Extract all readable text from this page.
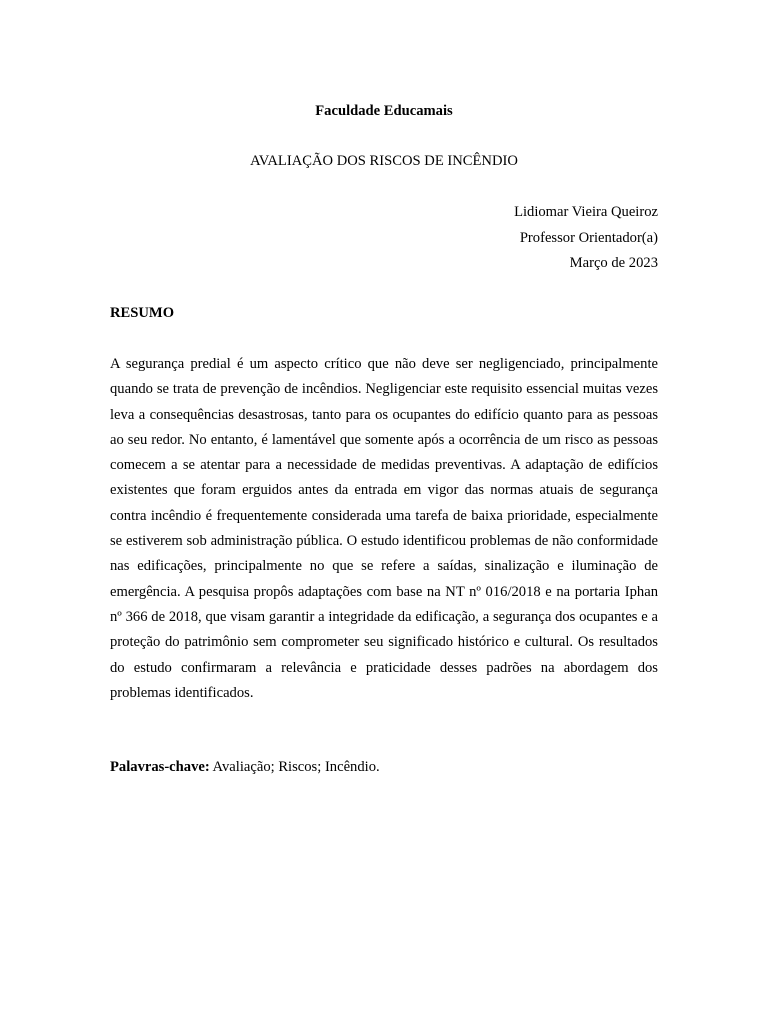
Faculdade Educamais
AVALIAÇÃO DOS RISCOS DE INCÊNDIO
Lidiomar Vieira Queiroz
Professor Orientador(a)
Março de 2023
RESUMO
A segurança predial é um aspecto crítico que não deve ser negligenciado, principalmente quando se trata de prevenção de incêndios. Negligenciar este requisito essencial muitas vezes leva a consequências desastrosas, tanto para os ocupantes do edifício quanto para as pessoas ao seu redor. No entanto, é lamentável que somente após a ocorrência de um risco as pessoas comecem a se atentar para a necessidade de medidas preventivas. A adaptação de edifícios existentes que foram erguidos antes da entrada em vigor das normas atuais de segurança contra incêndio é frequentemente considerada uma tarefa de baixa prioridade, especialmente se estiverem sob administração pública. O estudo identificou problemas de não conformidade nas edificações, principalmente no que se refere a saídas, sinalização e iluminação de emergência. A pesquisa propôs adaptações com base na NT nº 016/2018 e na portaria Iphan nº 366 de 2018, que visam garantir a integridade da edificação, a segurança dos ocupantes e a proteção do patrimônio sem comprometer seu significado histórico e cultural. Os resultados do estudo confirmaram a relevância e praticidade desses padrões na abordagem dos problemas identificados.
Palavras-chave: Avaliação; Riscos; Incêndio.
